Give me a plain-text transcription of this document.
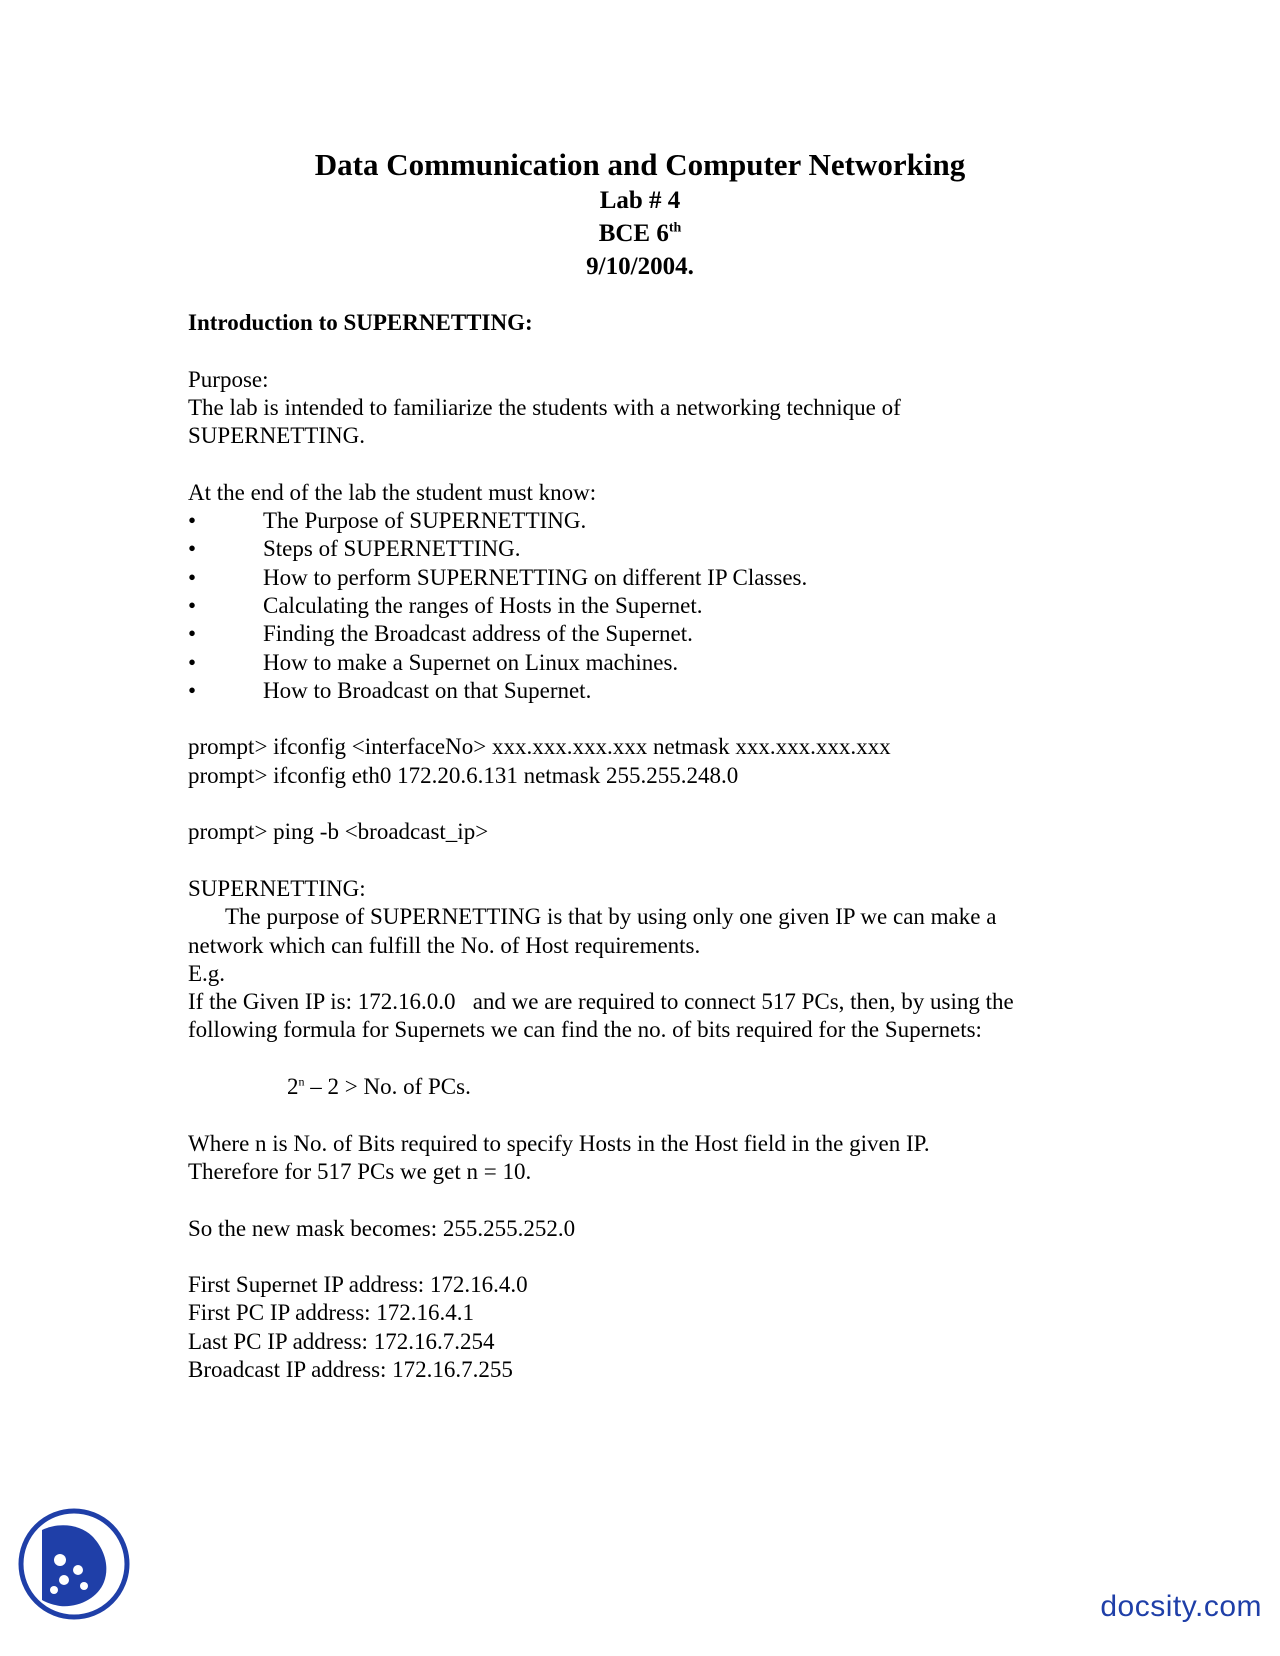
Data Communication and Computer Networking
Lab # 4
BCE 6th
9/10/2004.
Introduction to SUPERNETTING:
Purpose:
The lab is intended to familiarize the students with a networking technique of
SUPERNETTING.
At the end of the lab the student must know:
•	The Purpose of SUPERNETTING.
•	Steps of SUPERNETTING.
•	How to perform SUPERNETTING on different IP Classes.
•	Calculating the ranges of Hosts in the Supernet.
•	Finding the Broadcast address of the Supernet.
•	How to make a Supernet on Linux machines.
•	How to Broadcast on that Supernet.
prompt> ifconfig <interfaceNo> xxx.xxx.xxx.xxx netmask xxx.xxx.xxx.xxx
prompt> ifconfig eth0 172.20.6.131 netmask 255.255.248.0
prompt> ping -b <broadcast_ip>
SUPERNETTING:
The purpose of SUPERNETTING is that by using only one given IP we can make a
network which can fulfill the No. of Host requirements.
E.g.
If the Given IP is: 172.16.0.0   and we are required to connect 517 PCs, then, by using the
following formula for Supernets we can find the no. of bits required for the Supernets:
2$^n$ – 2 > No. of PCs.
Where n is No. of Bits required to specify Hosts in the Host field in the given IP.
Therefore for 517 PCs we get n = 10.
So the new mask becomes: 255.255.252.0
First Supernet IP address: 172.16.4.0
First PC IP address: 172.16.4.1
Last PC IP address: 172.16.7.254
Broadcast IP address: 172.16.7.255
docsity.com
